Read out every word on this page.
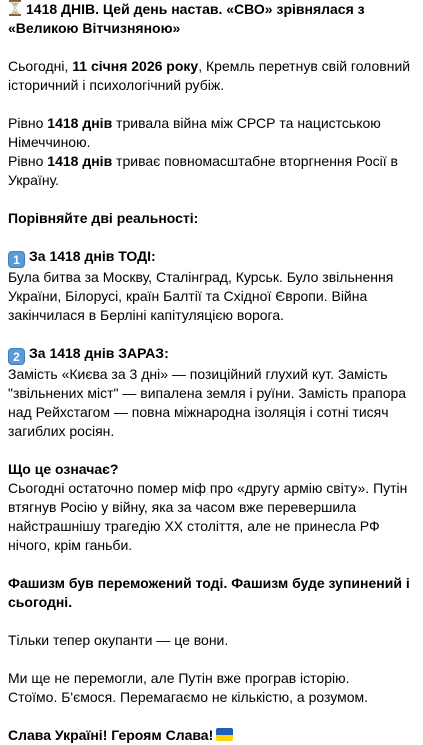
1418 ДНІВ. Цей день настав. «СВО» зрівнялася з «Великою Вітчизняною»

Сьогодні, 11 січня 2026 року, Кремль перетнув свій головний історичний і психологічний рубіж.

Рівно 1418 днів тривала війна між СРСР та нацистською Німеччиною.

Рівно 1418 днів триває повномасштабне вторгнення Росії в Україну.

Порівняйте дві реальності:

1 За 1418 днів ТОДІ:

Була битва за Москву, Сталінград, Курськ. Було звільнення України, Білорусі, країн Балтії та Східної Європи. Війна закінчилася в Берліні капітуляцією ворога.

2 За 1418 днів ЗАРАЗ:

Замість «Києва за 3 дні» — позиційний глухий кут. Замість "звільнених міст" — випалена земля і руїни. Замість прапора над Рейхстагом — повна міжнародна ізоляція і сотні тисяч загиблих росіян.

Що це означає?

Сьогодні остаточно помер міф про «другу армію світу». Путін втягнув Росію у війну, яка за часом вже перевершила найстрашнішу трагедію XX століття, але не принесла РФ нічого, крім ганьби.

Фашизм був переможений тоді. Фашизм буде зупинений і сьогодні.

Тільки тепер окупанти — це вони.

Ми ще не перемогли, але Путін вже програв історію.

Стоїмо. Б'ємося. Перемагаємо не кількістю, а розумом.

Слава Україні! Героям Слава!
